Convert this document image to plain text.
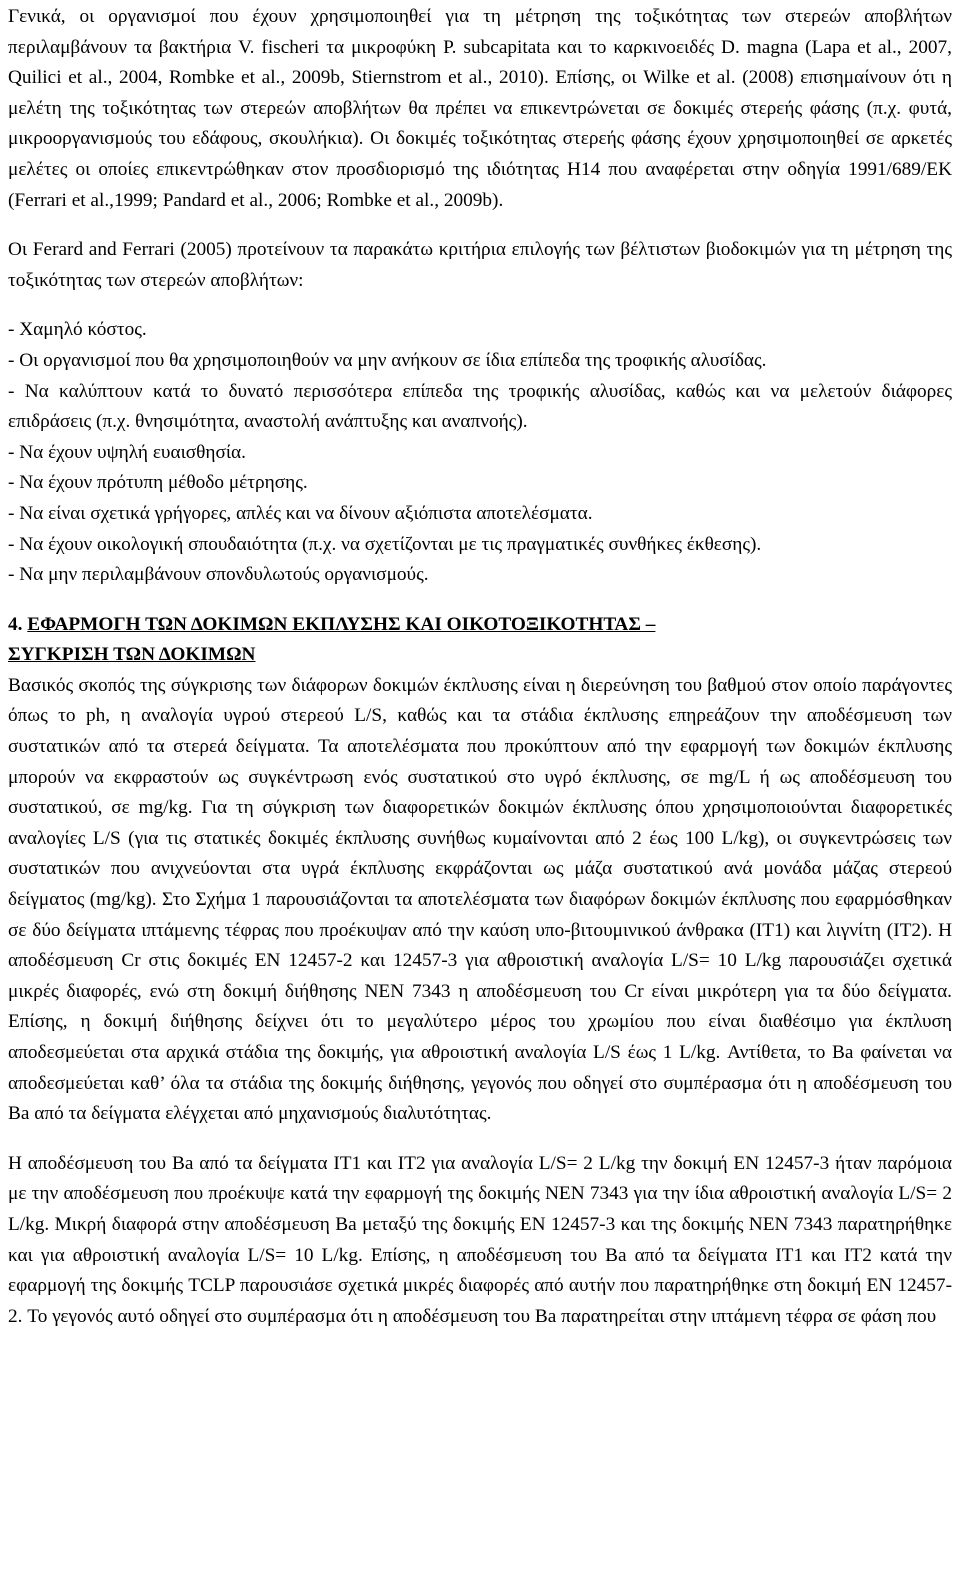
Γενικά, οι οργανισμοί που έχουν χρησιμοποιηθεί για τη μέτρηση της τοξικότητας των στερεών αποβλήτων περιλαμβάνουν τα βακτήρια V. fischeri τα μικροφύκη P. subcapitata και το καρκινοειδές D. magna (Lapa et al., 2007, Quilici et al., 2004, Rombke et al., 2009b, Stiernstrom et al., 2010). Επίσης, οι Wilke et al. (2008) επισημαίνουν ότι η μελέτη της τοξικότητας των στερεών αποβλήτων θα πρέπει να επικεντρώνεται σε δοκιμές στερεής φάσης (π.χ. φυτά, μικροοργανισμούς του εδάφους, σκουλήκια). Οι δοκιμές τοξικότητας στερεής φάσης έχουν χρησιμοποιηθεί σε αρκετές μελέτες οι οποίες επικεντρώθηκαν στον προσδιορισμό της ιδιότητας Η14 που αναφέρεται στην οδηγία 1991/689/ΕΚ (Ferrari et al.,1999; Pandard et al., 2006; Rombke et al., 2009b).

Οι Ferard and Ferrari (2005) προτείνουν τα παρακάτω κριτήρια επιλογής των βέλτιστων βιοδοκιμών για τη μέτρηση της τοξικότητας των στερεών αποβλήτων:

- Χαμηλό κόστος.
- Οι οργανισμοί που θα χρησιμοποιηθούν να μην ανήκουν σε ίδια επίπεδα της τροφικής αλυσίδας.
- Να καλύπτουν κατά το δυνατό περισσότερα επίπεδα της τροφικής αλυσίδας, καθώς και να μελετούν διάφορες επιδράσεις (π.χ. θνησιμότητα, αναστολή ανάπτυξης και αναπνοής).
- Να έχουν υψηλή ευαισθησία.
- Να έχουν πρότυπη μέθοδο μέτρησης.
- Να είναι σχετικά γρήγορες, απλές και να δίνουν αξιόπιστα αποτελέσματα.
- Να έχουν οικολογική σπουδαιότητα (π.χ. να σχετίζονται με τις πραγματικές συνθήκες έκθεσης).
- Να μην περιλαμβάνουν σπονδυλωτούς οργανισμούς.

4. ΕΦΑΡΜΟΓΗ ΤΩΝ ΔΟΚΙΜΩΝ ΕΚΠΛΥΣΗΣ ΚΑΙ ΟΙΚΟΤΟΞΙΚΟΤΗΤΑΣ –
ΣΥΓΚΡΙΣΗ ΤΩΝ ΔΟΚΙΜΩΝ

Βασικός σκοπός της σύγκρισης των διάφορων δοκιμών έκπλυσης είναι η διερεύνηση του βαθμού στον οποίο παράγοντες όπως το ph, η αναλογία υγρού στερεού L/S, καθώς και τα στάδια έκπλυσης επηρεάζουν την αποδέσμευση των συστατικών από τα στερεά δείγματα. Τα αποτελέσματα που προκύπτουν από την εφαρμογή των δοκιμών έκπλυσης μπορούν να εκφραστούν ως συγκέντρωση ενός συστατικού στο υγρό έκπλυσης, σε mg/L ή ως αποδέσμευση του συστατικού, σε mg/kg. Για τη σύγκριση των διαφορετικών δοκιμών έκπλυσης όπου χρησιμοποιούνται διαφορετικές αναλογίες L/S (για τις στατικές δοκιμές έκπλυσης συνήθως κυμαίνονται από 2 έως 100 L/kg), οι συγκεντρώσεις των συστατικών που ανιχνεύονται στα υγρά έκπλυσης εκφράζονται ως μάζα συστατικού ανά μονάδα μάζας στερεού δείγματος (mg/kg). Στο Σχήμα 1 παρουσιάζονται τα αποτελέσματα των διαφόρων δοκιμών έκπλυσης που εφαρμόσθηκαν σε δύο δείγματα ιπτάμενης τέφρας που προέκυψαν από την καύση υπο-βιτουμινικού άνθρακα (IT1) και λιγνίτη (IT2). Η αποδέσμευση Cr στις δοκιμές EN 12457-2 και 12457-3 για αθροιστική αναλογία L/S= 10 L/kg παρουσιάζει σχετικά μικρές διαφορές, ενώ στη δοκιμή διήθησης NEN 7343 η αποδέσμευση του Cr είναι μικρότερη για τα δύο δείγματα. Επίσης, η δοκιμή διήθησης δείχνει ότι το μεγαλύτερο μέρος του χρωμίου που είναι διαθέσιμο για έκπλυση αποδεσμεύεται στα αρχικά στάδια της δοκιμής, για αθροιστική αναλογία L/S έως 1 L/kg. Αντίθετα, το Ba φαίνεται να αποδεσμεύεται καθ’ όλα τα στάδια της δοκιμής διήθησης, γεγονός που οδηγεί στο συμπέρασμα ότι η αποδέσμευση του Ba από τα δείγματα ελέγχεται από μηχανισμούς διαλυτότητας.

Η αποδέσμευση του Ba από τα δείγματα IT1 και IT2 για αναλογία L/S= 2 L/kg την δοκιμή EN 12457-3 ήταν παρόμοια με την αποδέσμευση που προέκυψε κατά την εφαρμογή της δοκιμής NEN 7343 για την ίδια αθροιστική αναλογία L/S= 2 L/kg. Μικρή διαφορά στην αποδέσμευση Ba μεταξύ της δοκιμής EN 12457-3 και της δοκιμής NEN 7343 παρατηρήθηκε και για αθροιστική αναλογία L/S= 10 L/kg. Επίσης, η αποδέσμευση του Ba από τα δείγματα IT1 και IT2 κατά την εφαρμογή της δοκιμής TCLP παρουσιάσε σχετικά μικρές διαφορές από αυτήν που παρατηρήθηκε στη δοκιμή EN 12457-2. Το γεγονός αυτό οδηγεί στο συμπέρασμα ότι η αποδέσμευση του Ba παρατηρείται στην ιπτάμενη τέφρα σε φάση που
